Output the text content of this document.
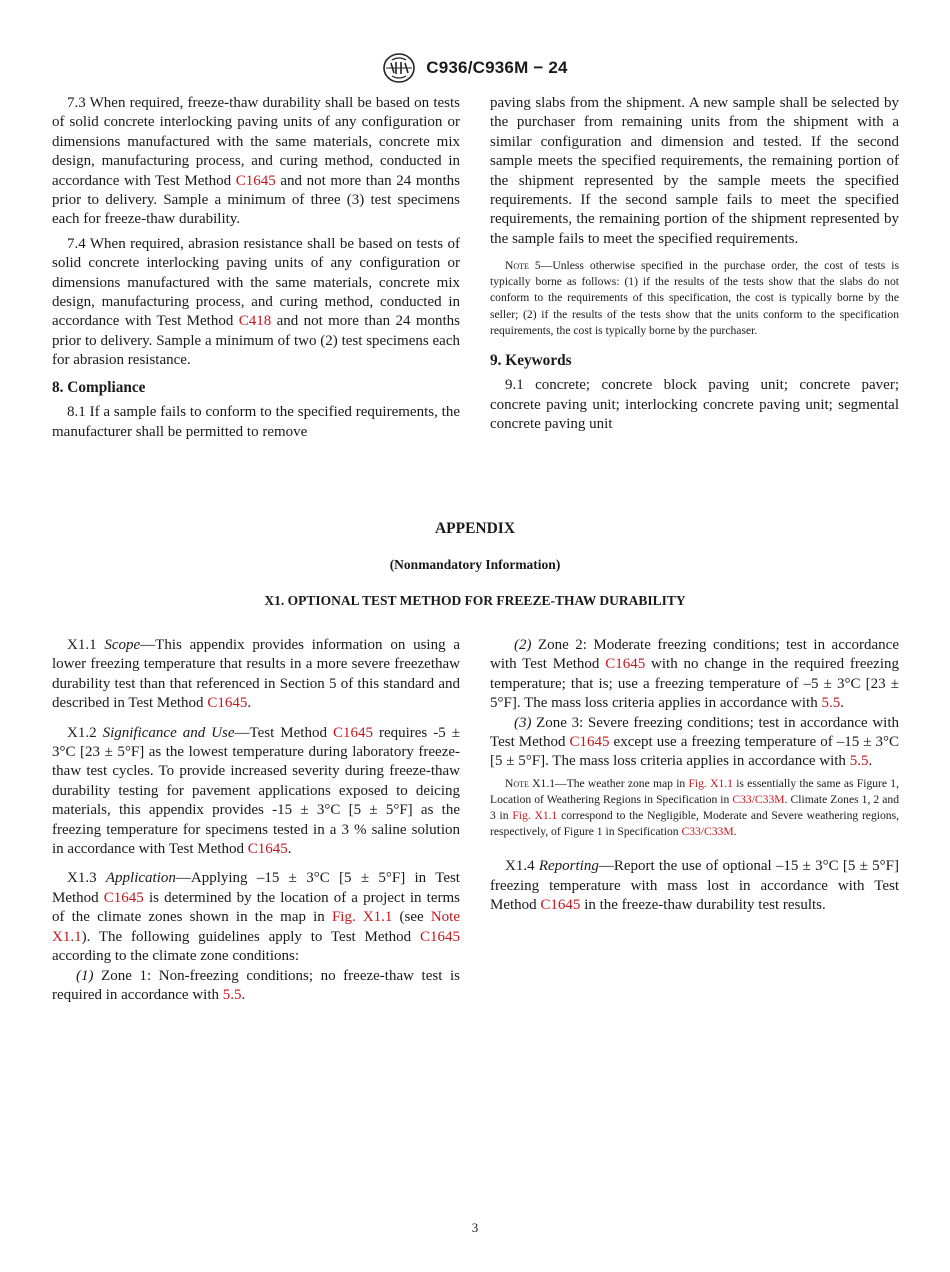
C936/C936M − 24

7.3 When required, freeze-thaw durability shall be based on tests of solid concrete interlocking paving units of any configuration or dimensions manufactured with the same materials, concrete mix design, manufacturing process, and curing method, conducted in accordance with Test Method C1645 and not more than 24 months prior to delivery. Sample a minimum of three (3) test specimens each for freeze-thaw durability.

7.4 When required, abrasion resistance shall be based on tests of solid concrete interlocking paving units of any configuration or dimensions manufactured with the same materials, concrete mix design, manufacturing process, and curing method, conducted in accordance with Test Method C418 and not more than 24 months prior to delivery. Sample a minimum of two (2) test specimens each for abrasion resistance.

8. Compliance

8.1 If a sample fails to conform to the specified requirements, the manufacturer shall be permitted to remove

paving slabs from the shipment. A new sample shall be selected by the purchaser from remaining units from the shipment with a similar configuration and dimension and tested. If the second sample meets the specified requirements, the remaining portion of the shipment represented by the sample meets the specified requirements. If the second sample fails to meet the specified requirements, the remaining portion of the shipment represented by the sample fails to meet the specified requirements.

Note 5—Unless otherwise specified in the purchase order, the cost of tests is typically borne as follows: (1) if the results of the tests show that the slabs do not conform to the requirements of this specification, the cost is typically borne by the seller; (2) if the results of the tests show that the units conform to the specification requirements, the cost is typically borne by the purchaser.

9. Keywords

9.1 concrete; concrete block paving unit; concrete paver; concrete paving unit; interlocking concrete paving unit; segmental concrete paving unit

APPENDIX
(Nonmandatory Information)
X1. OPTIONAL TEST METHOD FOR FREEZE-THAW DURABILITY

X1.1 Scope—This appendix provides information on using a lower freezing temperature that results in a more severe freezethaw durability test than that referenced in Section 5 of this standard and described in Test Method C1645.

X1.2 Significance and Use—Test Method C1645 requires -5 ± 3°C [23 ± 5°F] as the lowest temperature during laboratory freeze-thaw test cycles. To provide increased severity during freeze-thaw durability testing for pavement applications exposed to deicing materials, this appendix provides -15 ± 3°C [5 ± 5°F] as the freezing temperature for specimens tested in a 3 % saline solution in accordance with Test Method C1645.

X1.3 Application—Applying –15 ± 3°C [5 ± 5°F] in Test Method C1645 is determined by the location of a project in terms of the climate zones shown in the map in Fig. X1.1 (see Note X1.1). The following guidelines apply to Test Method C1645 according to the climate zone conditions:

(1) Zone 1: Non-freezing conditions; no freeze-thaw test is required in accordance with 5.5.

(2) Zone 2: Moderate freezing conditions; test in accordance with Test Method C1645 with no change in the required freezing temperature; that is; use a freezing temperature of –5 ± 3°C [23 ± 5°F]. The mass loss criteria applies in accordance with 5.5.

(3) Zone 3: Severe freezing conditions; test in accordance with Test Method C1645 except use a freezing temperature of –15 ± 3°C [5 ± 5°F]. The mass loss criteria applies in accordance with 5.5.

Note X1.1—The weather zone map in Fig. X1.1 is essentially the same as Figure 1, Location of Weathering Regions in Specification in C33/C33M. Climate Zones 1, 2 and 3 in Fig. X1.1 correspond to the Negligible, Moderate and Severe weathering regions, respectively, of Figure 1 in Specification C33/C33M.

X1.4 Reporting—Report the use of optional –15 ± 3°C [5 ± 5°F] freezing temperature with mass lost in accordance with Test Method C1645 in the freeze-thaw durability test results.

3
